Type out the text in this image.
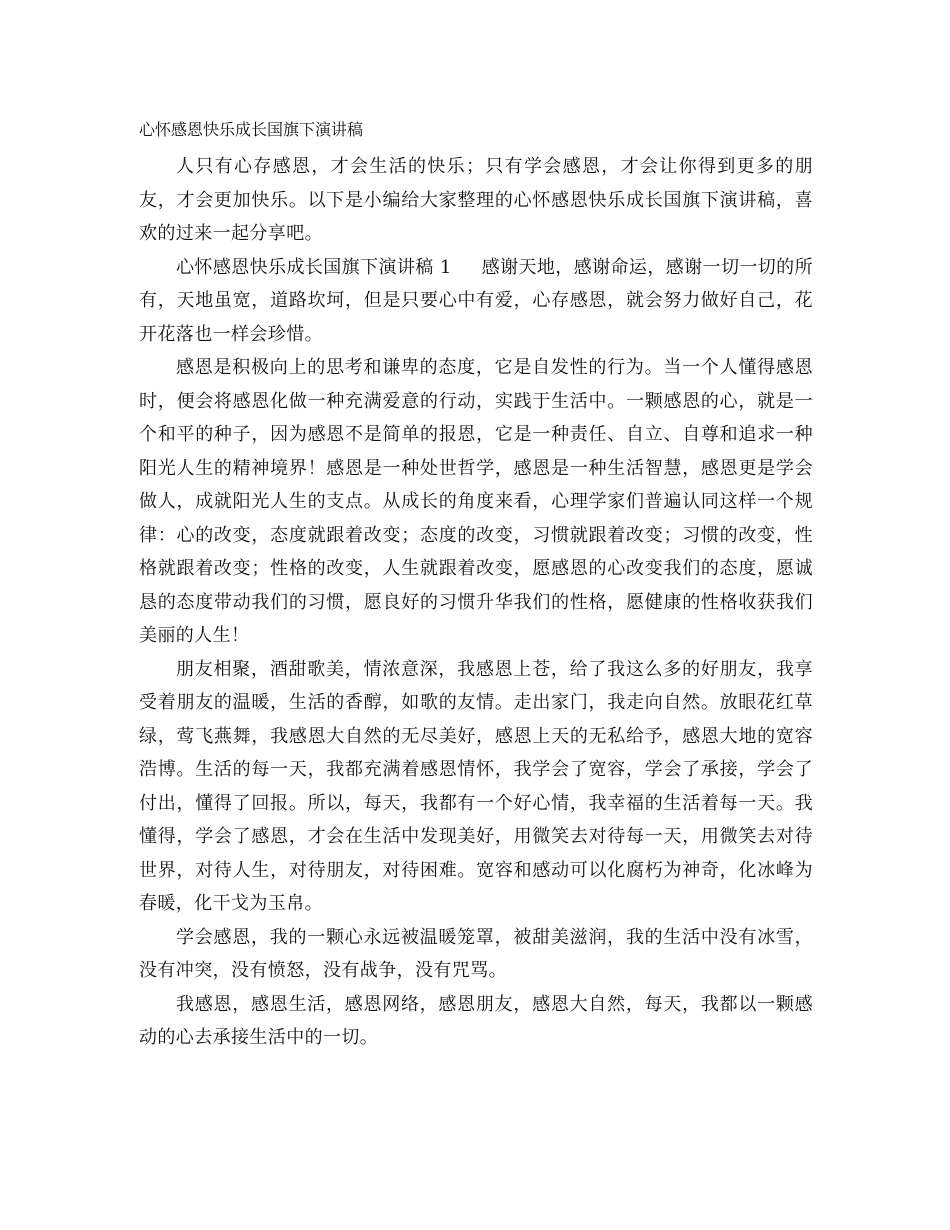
心怀感恩快乐成长国旗下演讲稿

人只有心存感恩，才会生活的快乐；只有学会感恩，才会让你得到更多的朋友，才会更加快乐。以下是小编给大家整理的心怀感恩快乐成长国旗下演讲稿，喜欢的过来一起分享吧。

心怀感恩快乐成长国旗下演讲稿 1 感谢天地，感谢命运，感谢一切一切的所有，天地虽宽，道路坎坷，但是只要心中有爱，心存感恩，就会努力做好自己，花开花落也一样会珍惜。

感恩是积极向上的思考和谦卑的态度，它是自发性的行为。当一个人懂得感恩时，便会将感恩化做一种充满爱意的行动，实践于生活中。一颗感恩的心，就是一个和平的种子，因为感恩不是简单的报恩，它是一种责任、自立、自尊和追求一种阳光人生的精神境界！感恩是一种处世哲学，感恩是一种生活智慧，感恩更是学会做人，成就阳光人生的支点。从成长的角度来看，心理学家们普遍认同这样一个规律：心的改变，态度就跟着改变；态度的改变，习惯就跟着改变；习惯的改变，性格就跟着改变；性格的改变，人生就跟着改变，愿感恩的心改变我们的态度，愿诚恳的态度带动我们的习惯，愿良好的习惯升华我们的性格，愿健康的性格收获我们美丽的人生！

朋友相聚，酒甜歌美，情浓意深，我感恩上苍，给了我这么多的好朋友，我享受着朋友的温暖，生活的香醇，如歌的友情。走出家门，我走向自然。放眼花红草绿，莺飞燕舞，我感恩大自然的无尽美好，感恩上天的无私给予，感恩大地的宽容浩博。生活的每一天，我都充满着感恩情怀，我学会了宽容，学会了承接，学会了付出，懂得了回报。所以，每天，我都有一个好心情，我幸福的生活着每一天。我懂得，学会了感恩，才会在生活中发现美好，用微笑去对待每一天，用微笑去对待世界，对待人生，对待朋友，对待困难。宽容和感动可以化腐朽为神奇，化冰峰为春暖，化干戈为玉帛。

学会感恩，我的一颗心永远被温暖笼罩，被甜美滋润，我的生活中没有冰雪，没有冲突，没有愤怒，没有战争，没有咒骂。

我感恩，感恩生活，感恩网络，感恩朋友，感恩大自然，每天，我都以一颗感动的心去承接生活中的一切。
